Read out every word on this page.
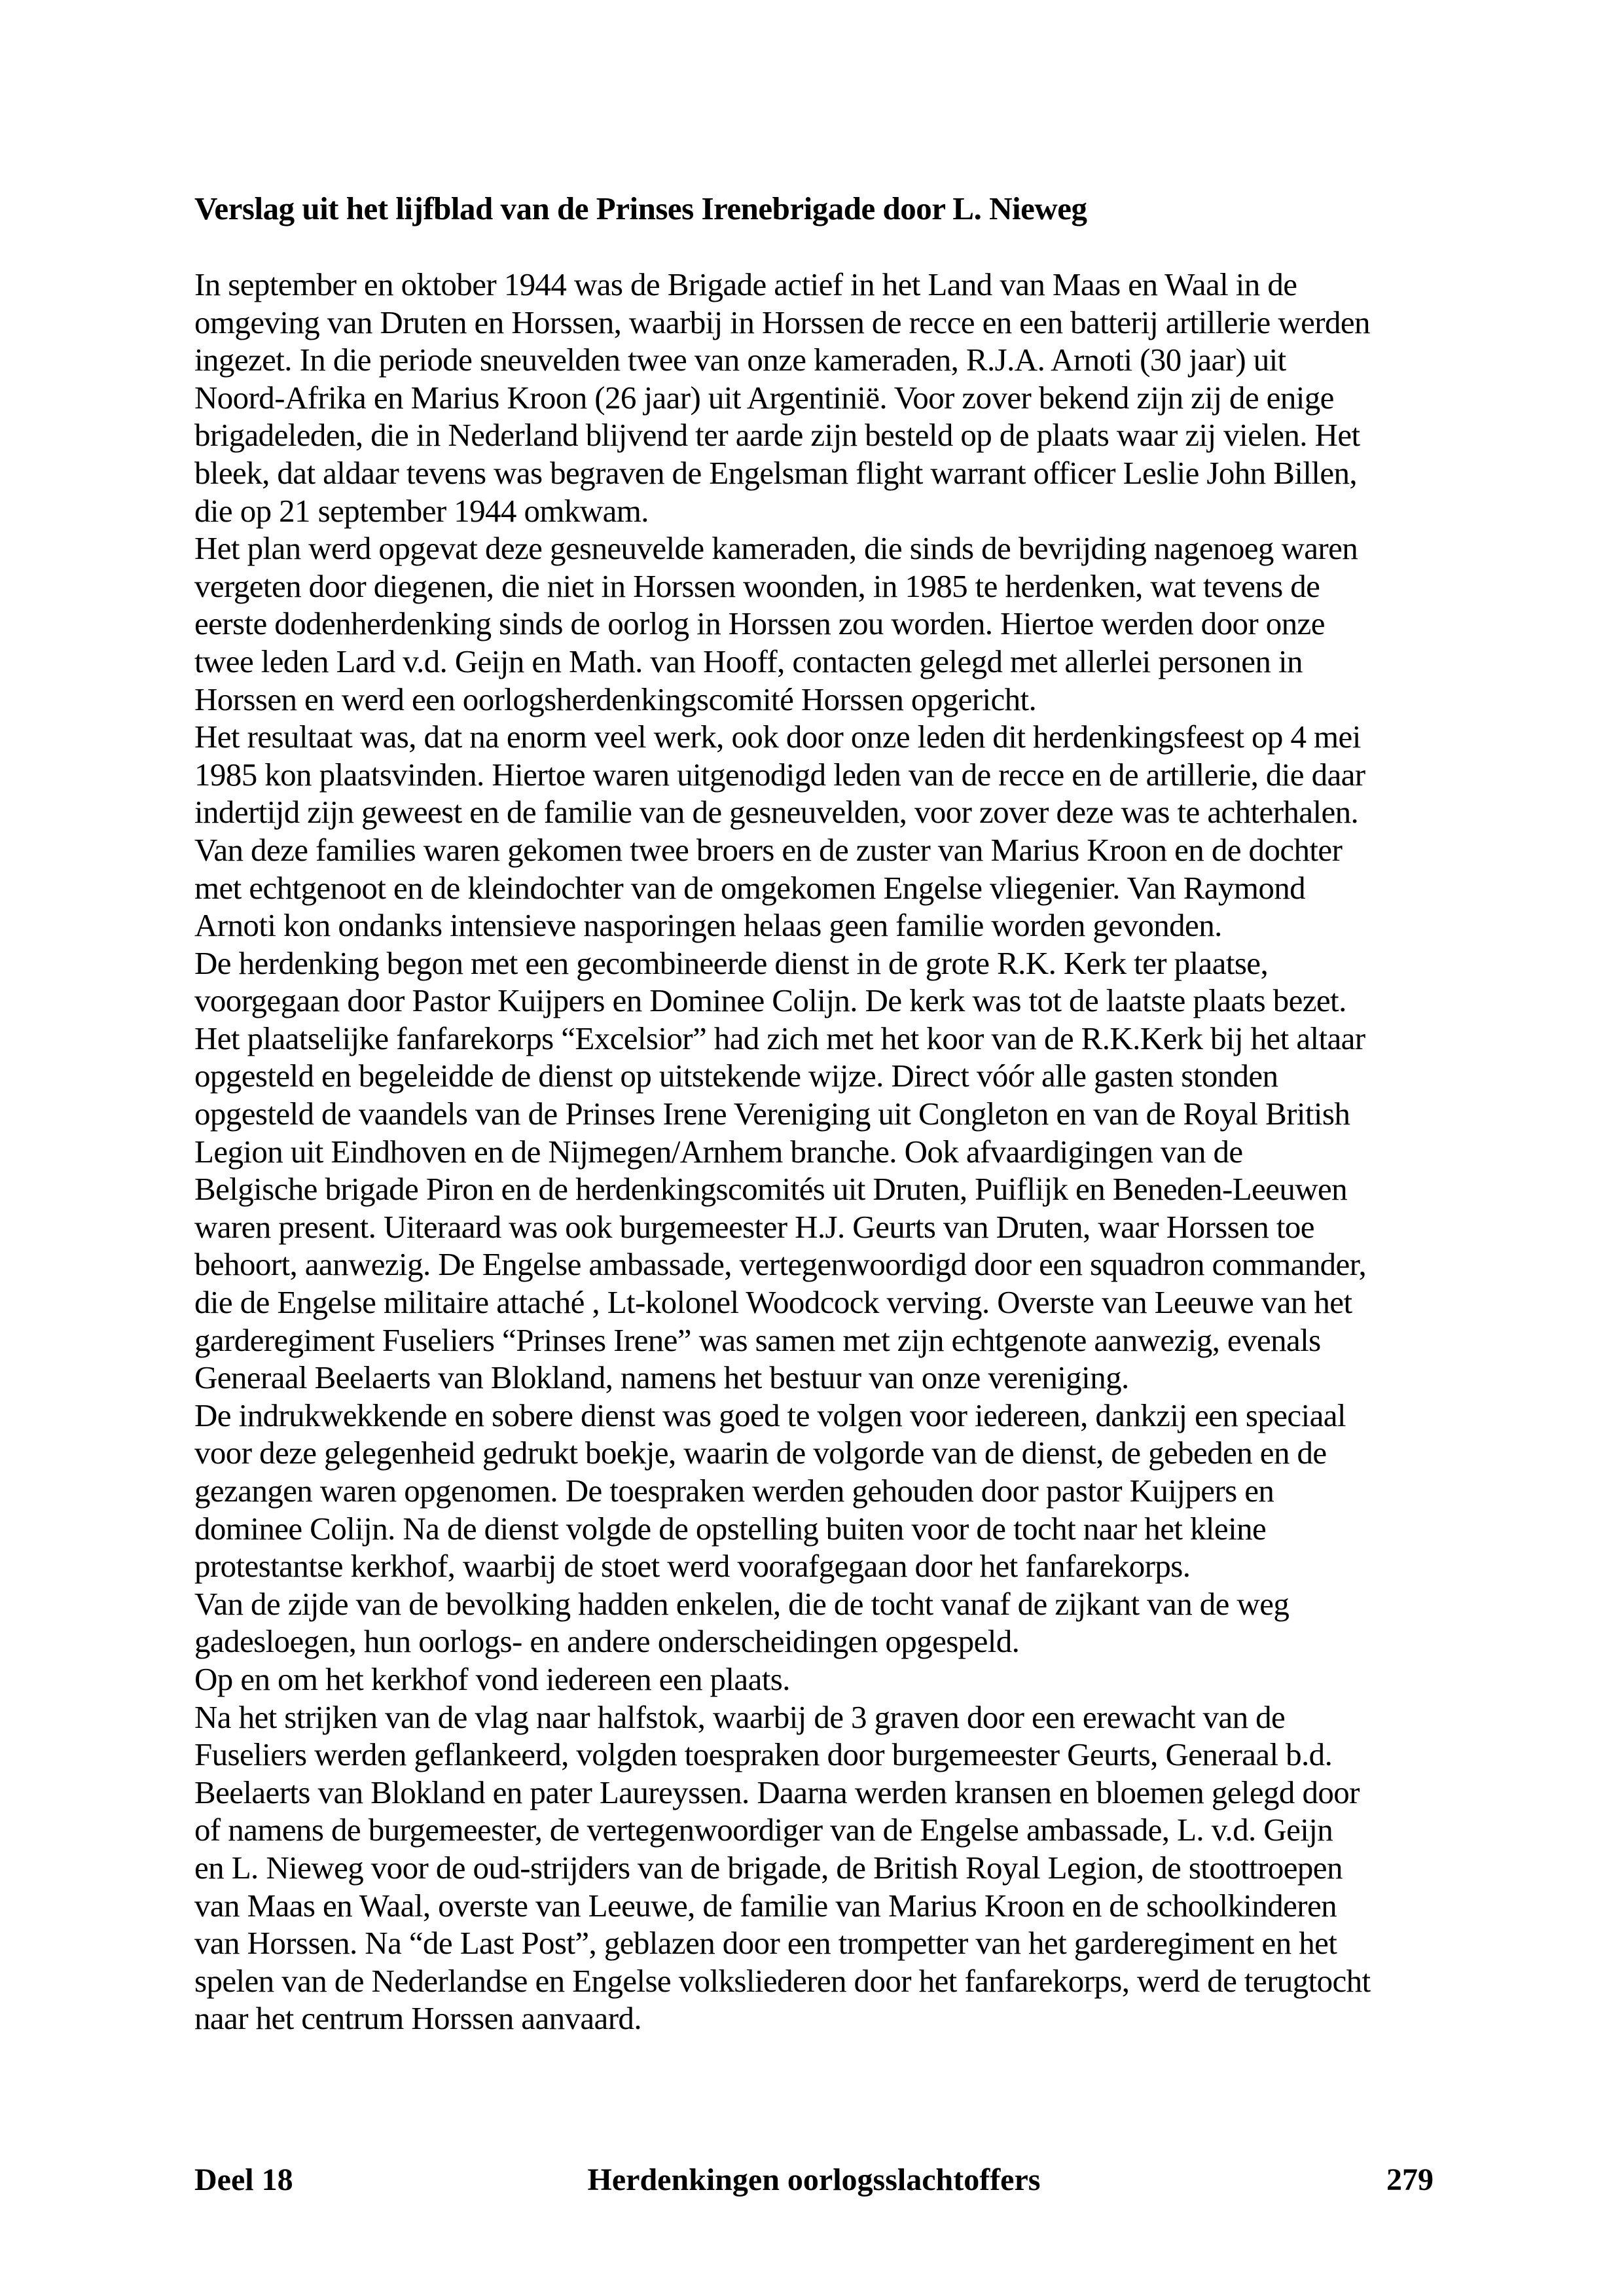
Verslag uit het lijfblad van de Prinses Irenebrigade door L. Nieweg
In september en oktober 1944 was de Brigade actief in het Land van Maas en Waal in de
omgeving van Druten en Horssen, waarbij in Horssen de recce en een batterij artillerie werden
ingezet. In die periode sneuvelden twee van onze kameraden, R.J.A. Arnoti (30 jaar) uit
Noord-Afrika en Marius Kroon (26 jaar) uit Argentinië. Voor zover bekend zijn zij de enige
brigadeleden, die in Nederland blijvend ter aarde zijn besteld op de plaats waar zij vielen. Het
bleek, dat aldaar tevens was begraven de Engelsman flight warrant officer Leslie John Billen,
die op 21 september 1944 omkwam.
Het plan werd opgevat deze gesneuvelde kameraden, die sinds de bevrijding nagenoeg waren
vergeten door diegenen, die niet in Horssen woonden, in 1985 te herdenken, wat tevens de
eerste dodenherdenking sinds de oorlog in Horssen zou worden. Hiertoe werden door onze
twee leden Lard v.d. Geijn en Math. van Hooff, contacten gelegd met allerlei personen in
Horssen en werd een oorlogsherdenkingscomité Horssen opgericht.
Het resultaat was, dat na enorm veel werk, ook door onze leden dit herdenkingsfeest op 4 mei
1985 kon plaatsvinden. Hiertoe waren uitgenodigd leden van de recce en de artillerie, die daar
indertijd zijn geweest en de familie van de gesneuvelden, voor zover deze was te achterhalen.
Van deze families waren gekomen twee broers en de zuster van Marius Kroon en de dochter
met echtgenoot en de kleindochter van de omgekomen Engelse vliegenier. Van Raymond
Arnoti kon ondanks intensieve nasporingen helaas geen familie worden gevonden.
De herdenking begon met een gecombineerde dienst in de grote R.K. Kerk ter plaatse,
voorgegaan door Pastor Kuijpers en Dominee Colijn. De kerk was tot de laatste plaats bezet.
Het plaatselijke fanfarekorps “Excelsior” had zich met het koor van de R.K.Kerk bij het altaar
opgesteld en begeleidde de dienst op uitstekende wijze. Direct vóór alle gasten stonden
opgesteld de vaandels van de Prinses Irene Vereniging uit Congleton en van de Royal British
Legion uit Eindhoven en de Nijmegen/Arnhem branche. Ook afvaardigingen van de
Belgische brigade Piron en de herdenkingscomités uit Druten, Puiflijk en Beneden-Leeuwen
waren present. Uiteraard was ook burgemeester H.J. Geurts van Druten, waar Horssen toe
behoort, aanwezig. De Engelse ambassade, vertegenwoordigd door een squadron commander,
die de Engelse militaire attaché , Lt-kolonel Woodcock verving. Overste van Leeuwe van het
garderegiment Fuseliers “Prinses Irene” was samen met zijn echtgenote aanwezig, evenals
Generaal Beelaerts van Blokland, namens het bestuur van onze vereniging.
De indrukwekkende en sobere dienst was goed te volgen voor iedereen, dankzij een speciaal
voor deze gelegenheid gedrukt boekje, waarin de volgorde van de dienst, de gebeden en de
gezangen waren opgenomen. De toespraken werden gehouden door pastor Kuijpers en
dominee Colijn. Na de dienst volgde de opstelling buiten voor de tocht naar het kleine
protestantse kerkhof, waarbij de stoet werd voorafgegaan door het fanfarekorps.
Van de zijde van de bevolking hadden enkelen, die de tocht vanaf de zijkant van de weg
gadesloegen, hun oorlogs- en andere onderscheidingen opgespeld.
Op en om het kerkhof vond iedereen een plaats.
Na het strijken van de vlag naar halfstok, waarbij de 3 graven door een erewacht van de
Fuseliers werden geflankeerd, volgden toespraken door burgemeester Geurts, Generaal b.d.
Beelaerts van Blokland en pater Laureyssen. Daarna werden kransen en bloemen gelegd door
of namens de burgemeester, de vertegenwoordiger van de Engelse ambassade, L. v.d. Geijn
en L. Nieweg voor de oud-strijders van de brigade, de British Royal Legion, de stoottroepen
van Maas en Waal, overste van Leeuwe, de familie van Marius Kroon en de schoolkinderen
van Horssen. Na “de Last Post”, geblazen door een trompetter van het garderegiment en het
spelen van de Nederlandse en Engelse volksliederen door het fanfarekorps, werd de terugtocht
naar het centrum Horssen aanvaard.
Deel 18	Herdenkingen oorlogsslachtoffers	279
